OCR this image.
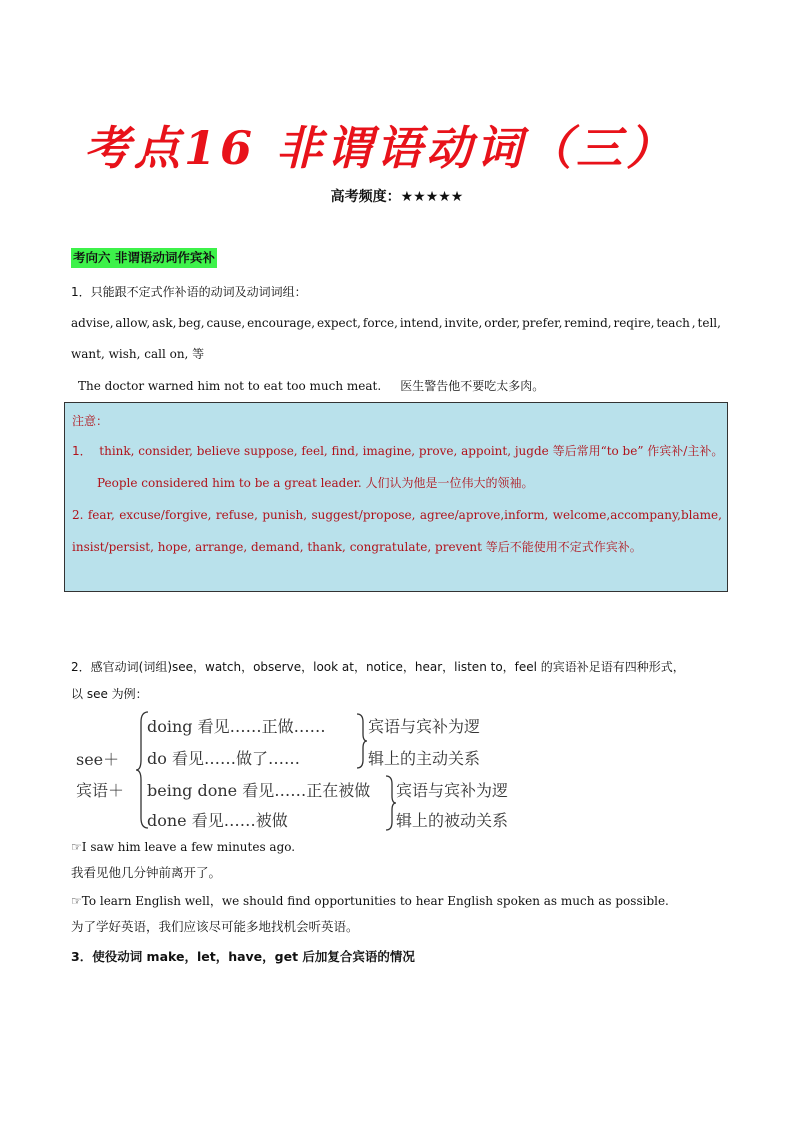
考点16 非谓语动词（三）
高考频度：★★★★★
考向六 非谓语动词作宾补
1．只能跟不定式作补语的动词及动词词组：
advise, allow, ask, beg, cause, encourage, expect, force, intend, invite, order, prefer, remind, reqire, teach , tell,
want, wish, call on, 等
The doctor warned him not to eat too much meat. 医生警告他不要吃太多肉。
注意：
1． think, consider, believe suppose, feel, find, imagine, prove, appoint, jugde 等后常用“to be” 作宾补/主补。
People considered him to be a great leader. 人们认为他是一位伟大的领袖。
2. fear, excuse/forgive, refuse, punish, suggest/propose, agree/aprove,inform, welcome,accompany,blame,
insist/persist, hope, arrange, demand, thank, congratulate, prevent 等后不能使用不定式作宾补。
2．感官动词(词组)see，watch，observe，look at，notice，hear，listen to，feel 的宾语补足语有四种形式，
以 see 为例：
see＋
宾语＋
doing 看见……正做……
do 看见……做了……
being done 看见……正在被做
done 看见……被做
宾语与宾补为逻
辑上的主动关系
宾语与宾补为逻
辑上的被动关系
☞I saw him leave a few minutes ago.
我看见他几分钟前离开了。
☞To learn English well，we should find opportunities to hear English spoken as much as possible.
为了学好英语，我们应该尽可能多地找机会听英语。
3．使役动词 make，let，have，get 后加复合宾语的情况
